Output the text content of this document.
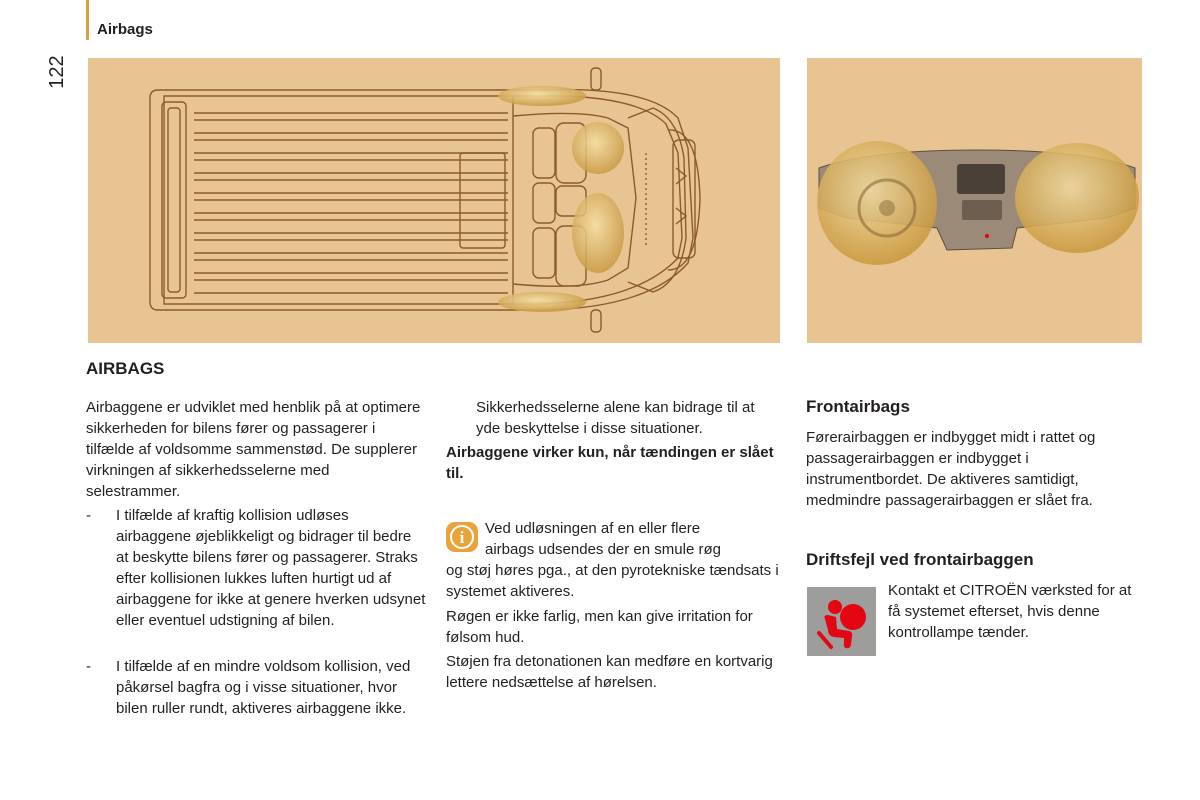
Airbags
122
AIRBAGS

Airbaggene er udviklet med henblik på at optimere sikkerheden for bilens fører og passagerer i tilfælde af voldsomme sammenstød. De supplerer virkningen af sikkerhedsselerne med selestrammer.

- I tilfælde af kraftig kollision udløses airbaggene øjeblikkeligt og bidrager til bedre at beskytte bilens fører og passagerer. Straks efter kollisionen lukkes luften hurtigt ud af airbaggene for ikke at genere hverken udsynet eller eventuel udstigning af bilen.
- I tilfælde af en mindre voldsom kollision, ved påkørsel bagfra og i visse situationer, hvor bilen ruller rundt, aktiveres airbaggene ikke.

Sikkerhedsselerne alene kan bidrage til at yde beskyttelse i disse situationer.

Airbaggene virker kun, når tændingen er slået til.

i Ved udløsningen af en eller flere

airbags udsendes der en smule røg

og støj høres pga., at den pyrotekniske tændsats i systemet aktiveres.

Røgen er ikke farlig, men kan give irritation for følsom hud.

Støjen fra detonationen kan medføre en kortvarig lettere nedsættelse af hørelsen.

Frontairbags

Førerairbaggen er indbygget midt i rattet og passagerairbaggen er indbygget i instrumentbordet. De aktiveres samtidigt, medmindre passagerairbaggen er slået fra.

Driftsfejl ved frontairbaggen

Kontakt et CITROËN værksted for at få systemet efterset, hvis denne kontrollampe tænder.
